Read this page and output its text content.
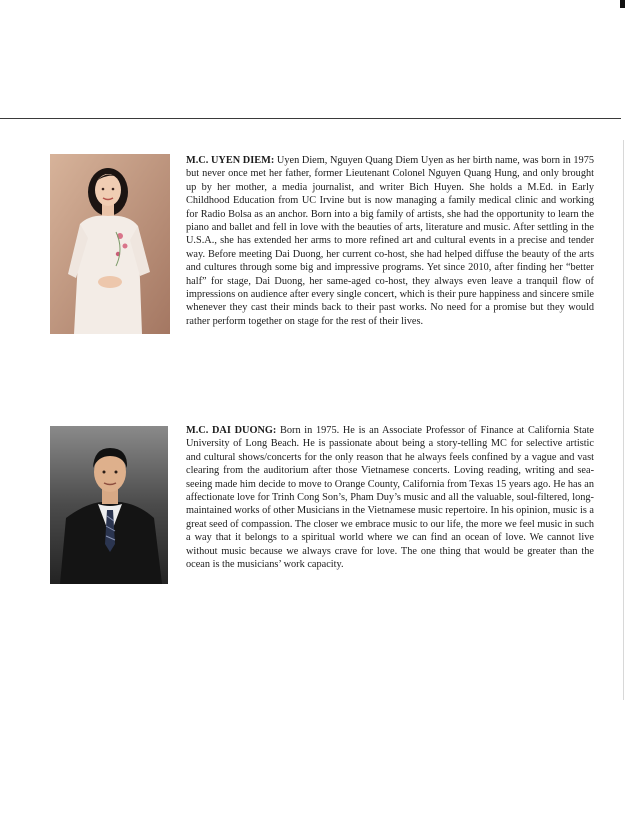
M.C. UYEN DIEM: Uyen Diem, Nguyen Quang Diem Uyen as her birth name, was born in 1975 but never once met her father, former Lieutenant Colonel Nguyen Quang Hung, and only brought up by her mother, a media journalist, and writer Bich Huyen. She holds a M.Ed. in Early Childhood Education from UC Irvine but is now managing a family medical clinic and working for Radio Bolsa as an anchor. Born into a big family of artists, she had the opportunity to learn the piano and ballet and fell in love with the beauties of arts, literature and music. After settling in the U.S.A., she has extended her arms to more refined art and cultural events in a precise and tender way. Before meeting Dai Duong, her current co-host, she had helped diffuse the beauty of the arts and cultures through some big and impressive programs. Yet since 2010, after finding her “better half” for stage, Dai Duong, her same-aged co-host, they always even leave a tranquil flow of impressions on audience after every single concert, which is their pure happiness and sincere smile whenever they cast their minds back to their past works. No need for a promise but they would rather perform together on stage for the rest of their lives.

M.C. DAI DUONG: Born in 1975. He is an Associate Professor of Finance at California State University of Long Beach. He is passionate about being a story-telling MC for selective artistic and cultural shows/concerts for the only reason that he always feels confined by a vague and vast clearing from the auditorium after those Vietnamese concerts. Loving reading, writing and sea-seeing made him decide to move to Orange County, California from Texas 15 years ago. He has an affectionate love for Trinh Cong Son’s, Pham Duy’s music and all the valuable, soul-filtered, long-maintained works of other Musicians in the Vietnamese music repertoire. In his opinion, music is a great seed of compassion. The closer we embrace music to our life, the more we feel music in such a way that it belongs to a spiritual world where we can find an ocean of love. We cannot live without music because we always crave for love. The one thing that would be greater than the ocean is the musicians’ work capacity.
